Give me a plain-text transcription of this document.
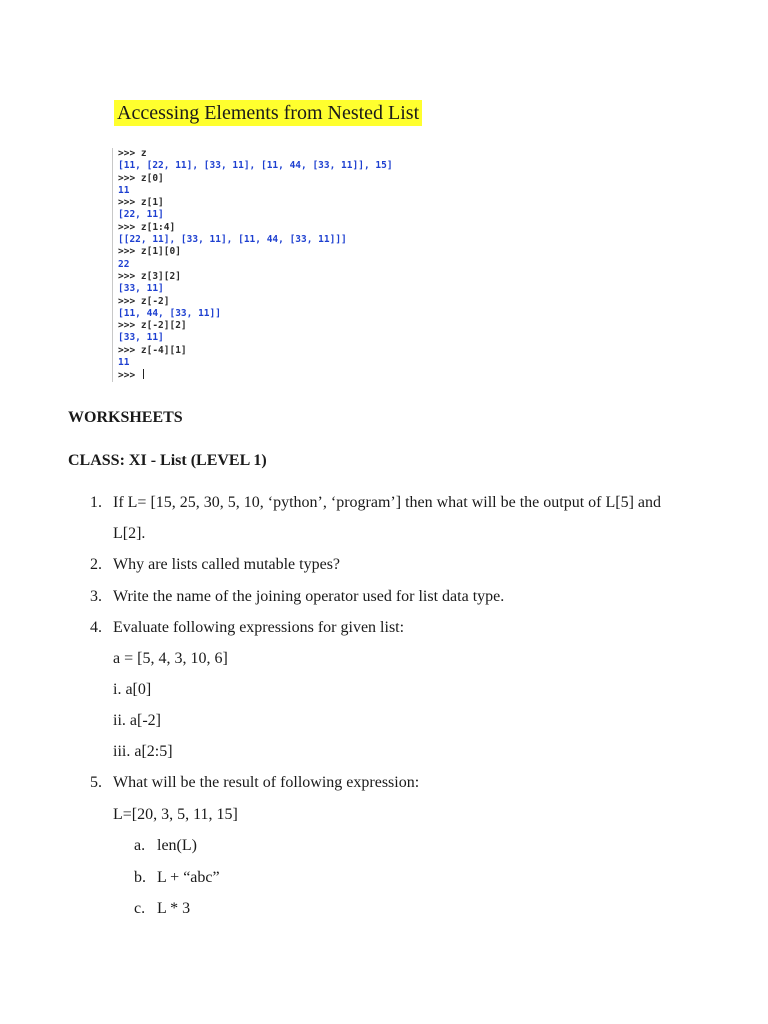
Accessing Elements from Nested List
>>> z
[11, [22, 11], [33, 11], [11, 44, [33, 11]], 15]
>>> z[0]
11
>>> z[1]
[22, 11]
>>> z[1:4]
[[22, 11], [33, 11], [11, 44, [33, 11]]]
>>> z[1][0]
22
>>> z[3][2]
[33, 11]
>>> z[-2]
[11, 44, [33, 11]]
>>> z[-2][2]
[33, 11]
>>> z[-4][1]
11
>>>
WORKSHEETS
CLASS: XI - List (LEVEL 1)
1. If L= [15, 25, 30, 5, 10, ‘python’, ‘program’] then what will be the output of L[5] and
L[2].
2. Why are lists called mutable types?
3. Write the name of the joining operator used for list data type.
4. Evaluate following expressions for given list:
a = [5, 4, 3, 10, 6]
i. a[0]
ii. a[-2]
iii. a[2:5]
5. What will be the result of following expression:
L=[20, 3, 5, 11, 15]
a. len(L)
b. L + “abc”
c. L * 3
